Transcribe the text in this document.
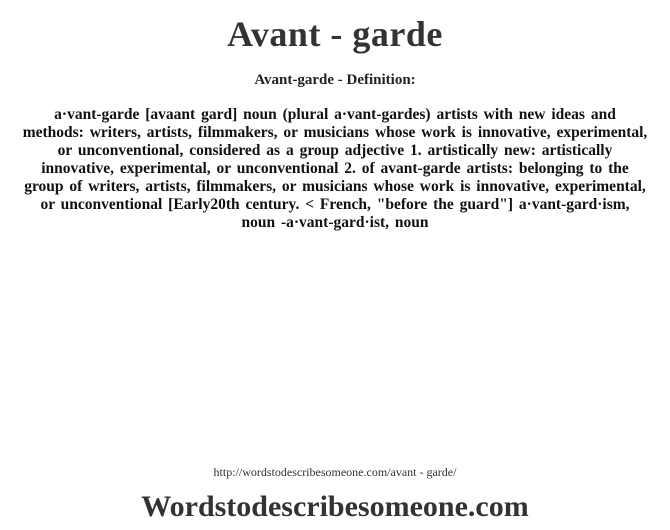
Avant - garde
Avant-garde - Definition:
a·vant-garde [avaant gard] noun (plural a·vant-gardes) artists with new ideas and methods: writers, artists, filmmakers, or musicians whose work is innovative, experimental, or unconventional, considered as a group adjective 1. artistically new: artistically innovative, experimental, or unconventional 2. of avant-garde artists: belonging to the group of writers, artists, filmmakers, or musicians whose work is innovative, experimental, or unconventional [Early20th century. < French, "before the guard"] a·vant-gard·ism, noun -a·vant-gard·ist, noun
http://wordstodescribesomeone.com/avant - garde/
Wordstodescribesomeone.com
